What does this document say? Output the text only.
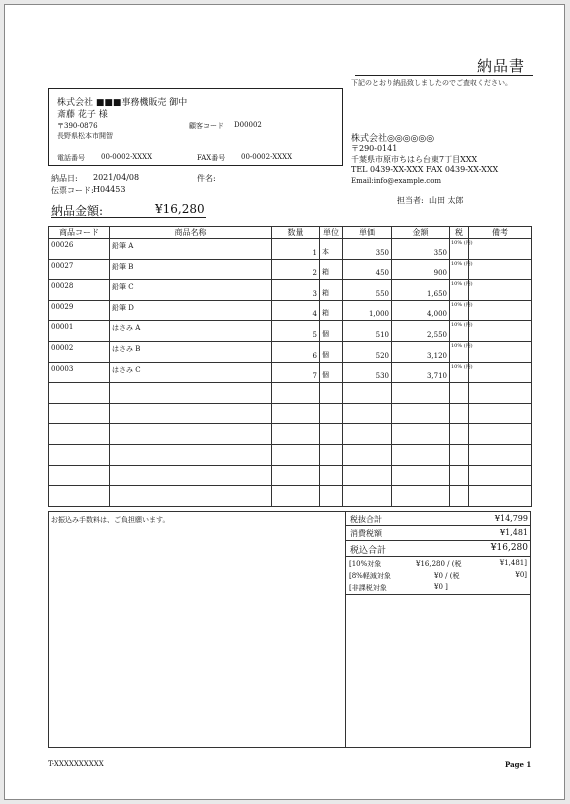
納品書
下記のとおり納品致しましたのでご査収ください。
株式会社 ■■■事務機販売 御中
斎藤 花子 様
〒390-0876
長野県松本市開智
顧客コード D00002
電話番号 00-0002-XXXX	FAX番号 00-0002-XXXX
納品日: 2021/04/08	件名:
伝票コード: H04453
納品金額:	¥16,280
株式会社◎◎◎◎◎◎
〒290-0141
千葉県市原市ちはら台東7丁目XXX
TEL 0439-XX-XXX FAX 0439-XX-XXX
Email:info@example.com
担当者: 山田 太郎
商品コード	商品名称	数量	単位	単価	金額	税	備考
00026	鉛筆 A	1	本	350	350	10% (内)	
00027	鉛筆 B	2	箱	450	900	10% (内)	
00028	鉛筆 C	3	箱	550	1,650	10% (内)	
00029	鉛筆 D	4	箱	1,000	4,000	10% (内)	
00001	はさみ A	5	個	510	2,550	10% (内)	
00002	はさみ B	6	個	520	3,120	10% (内)	
00003	はさみ C	7	個	530	3,710	10% (内)	

お振込み手数料は、ご負担願います。	税抜合計	¥14,799
消費税額	¥1,481
税込合計	¥16,280
[10%対象	¥16,280 / (税	¥1,481]
[8%軽減対象	¥0 / (税	¥0]
[非課税対象	¥0 ]
T-XXXXXXXXXX	Page 1
